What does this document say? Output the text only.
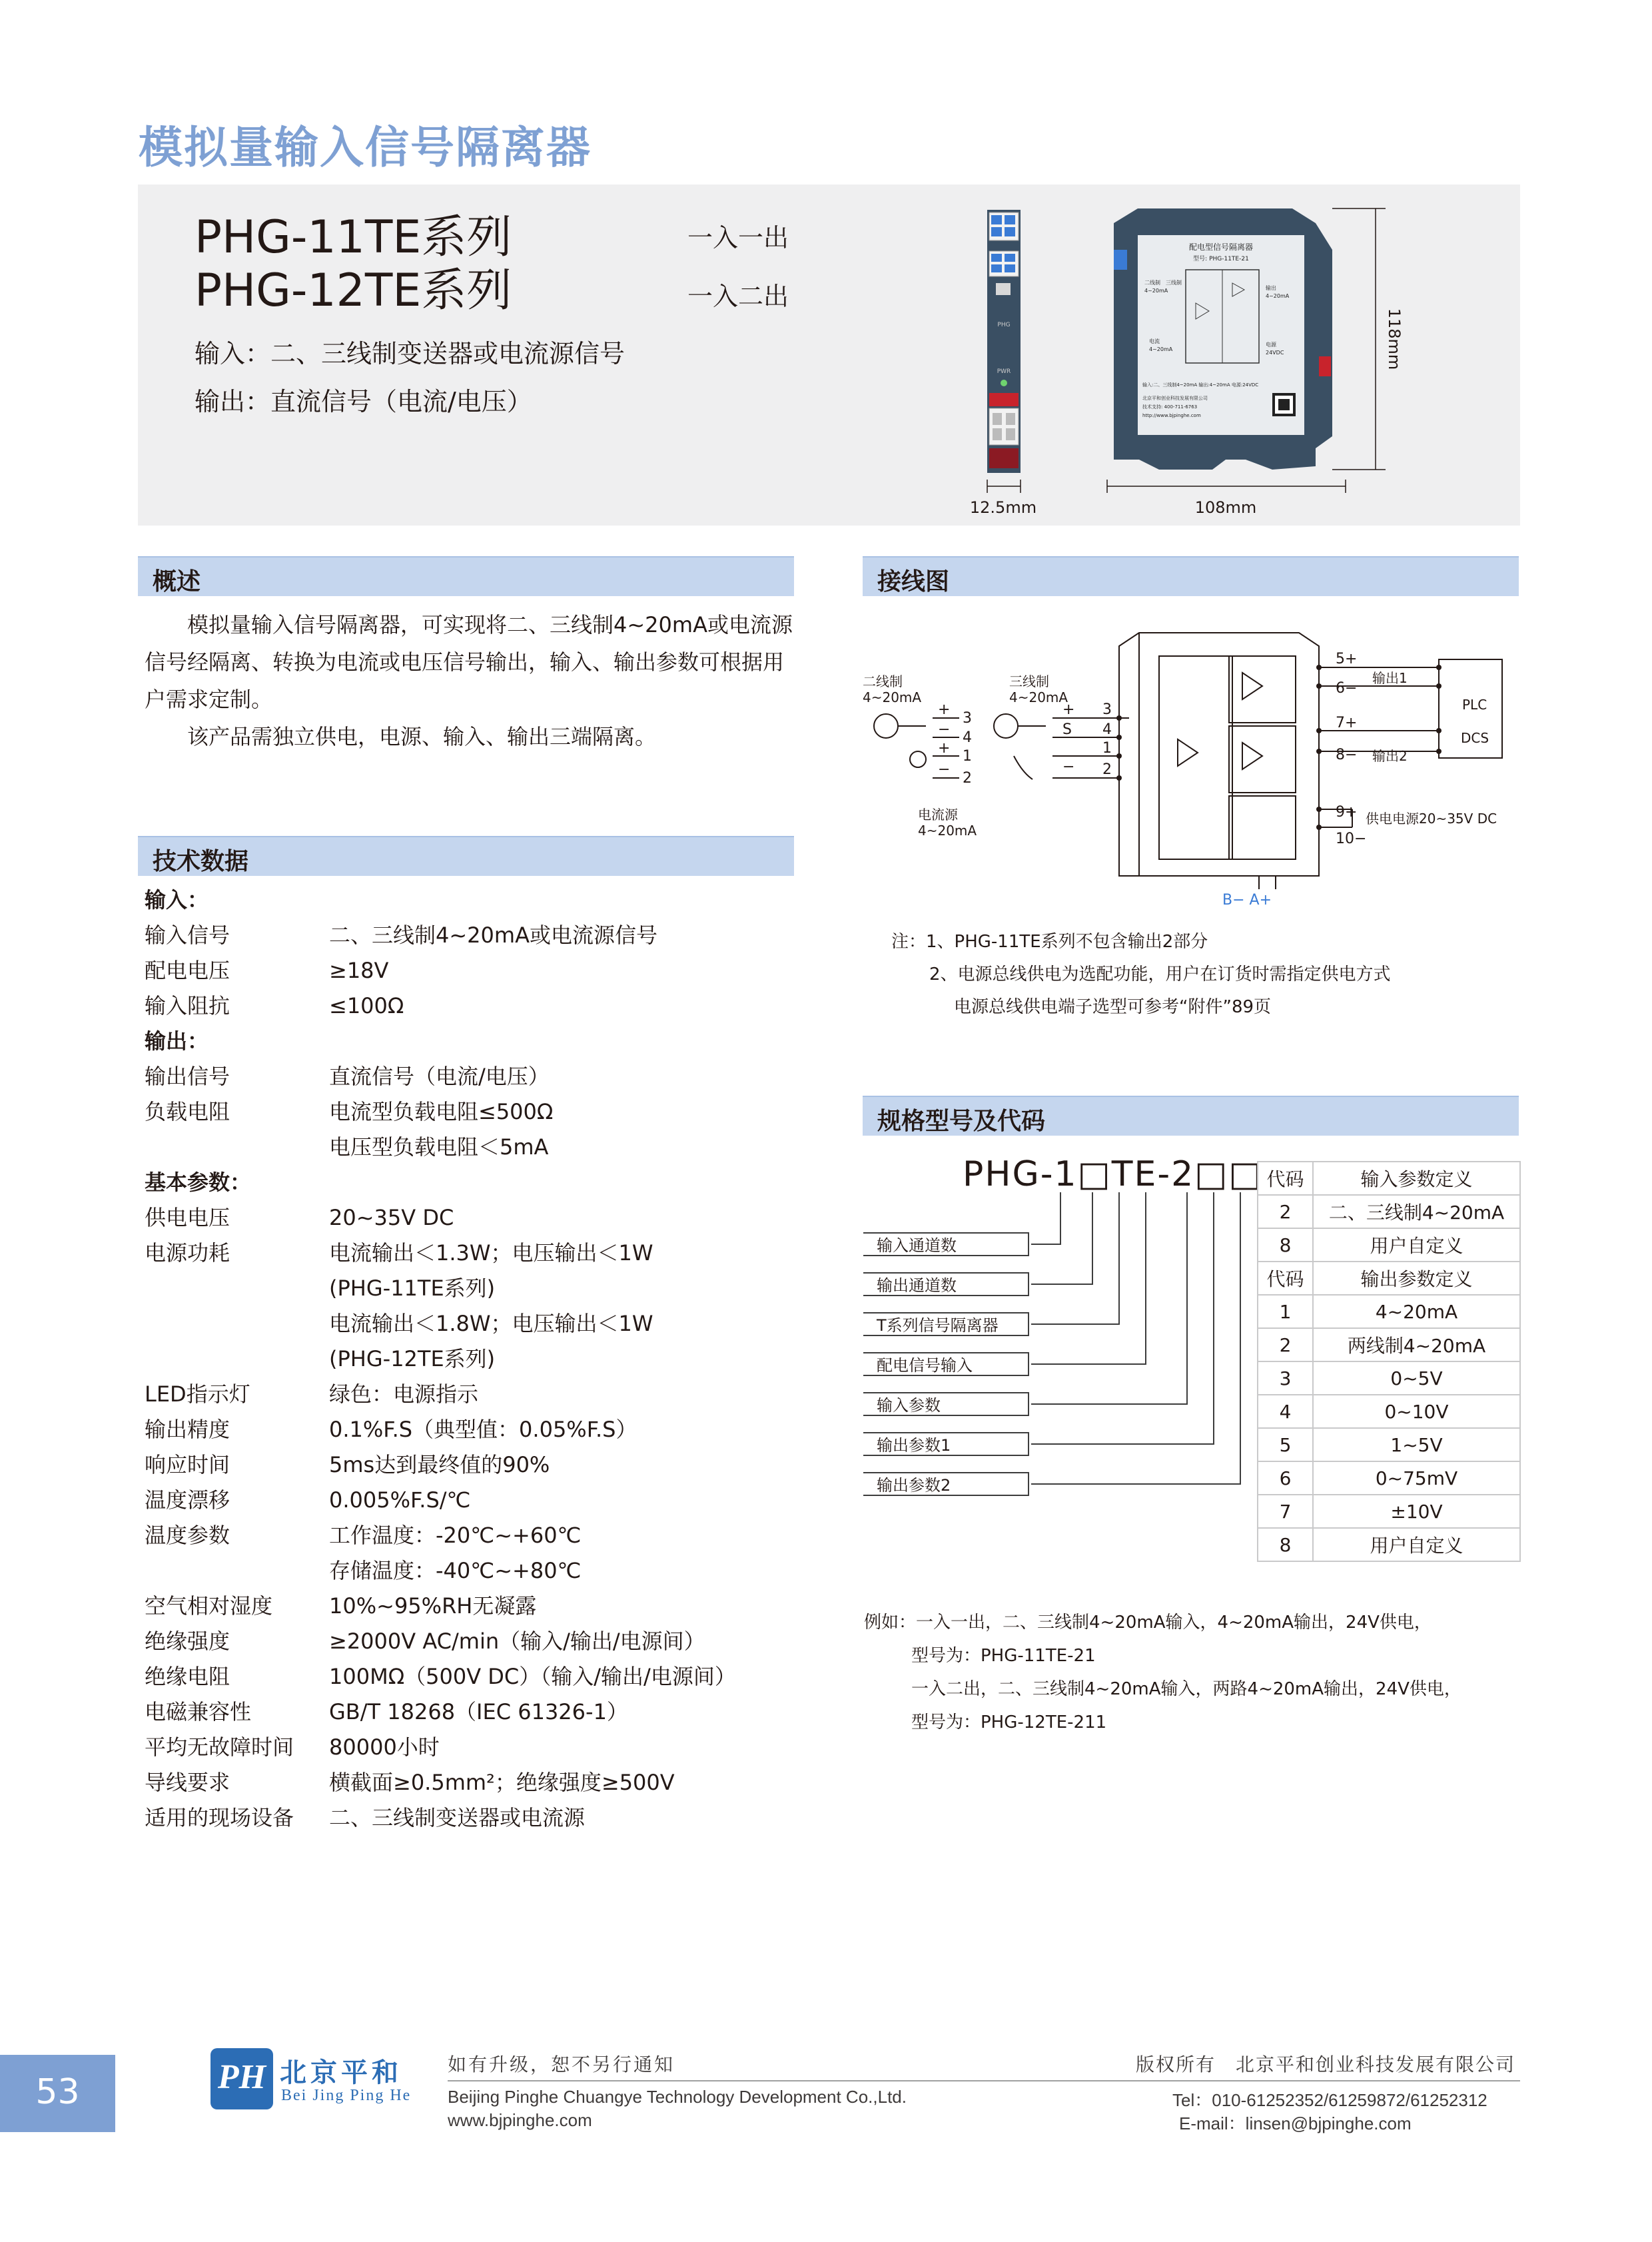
模拟量输入信号隔离器
PHG-11TE系列	一入一出
PHG-12TE系列	一入二出
输入：二、三线制变送器或电流源信号
输出：直流信号（电流/电压）
PHG
PWR
配电型信号隔离器
型号: PHG-11TE-21
二线制 三线制
4~20mA	输出
4~20mA
电流
4~20mA
电源
24VDC
输入:二、三线制4~20mA 输出:4~20mA 电源:24VDC
北京平和创业科技发展有限公司
技术支持: 400-711-6763
http://www.bjpinghe.com
12.5mm	108mm
118mm
概述
模拟量输入信号隔离器，可实现将二、三线制4~20mA或电流源
信号经隔离、转换为电流或电压信号输出，输入、输出参数可根据用
户需求定制。
该产品需独立供电，电源、输入、输出三端隔离。
技术数据
输入：
输入信号	二、三线制4~20mA或电流源信号
配电电压	≥18V
输入阻抗	≤100Ω
输出：
输出信号	直流信号（电流/电压）
负载电阻	电流型负载电阻≤500Ω
电压型负载电阻＜5mA
基本参数：
供电电压	20~35V DC
电源功耗	电流输出＜1.3W；电压输出＜1W
(PHG-11TE系列)
电流输出＜1.8W；电压输出＜1W
(PHG-12TE系列)
LED指示灯	绿色：电源指示
输出精度	0.1%F.S（典型值：0.05%F.S）
响应时间	5ms达到最终值的90%
温度漂移	0.005%F.S/℃
温度参数	工作温度：-20℃~+60℃
存储温度：-40℃~+80℃
空气相对湿度	10%~95%RH无凝露
绝缘强度	≥2000V AC/min（输入/输出/电源间）
绝缘电阻	100MΩ（500V DC）（输入/输出/电源间）
电磁兼容性	GB/T 18268（IEC 61326-1）
平均无故障时间 80000小时
导线要求	横截面≥0.5mm²；绝缘强度≥500V
适用的现场设备 二、三线制变送器或电流源
接线图
二线制
4~20mA
三线制
4~20mA
电流源
4~20mA
输出1
输出2
PLC
DCS
供电电源20~35V DC
B− A+
5+
6−
7+
8−
9+
10−
3
4
1
2
3
4
1
2
S
+
−
+
−
+
−
注：1、PHG-11TE系列不包含输出2部分
2、电源总线供电为选配功能，用户在订货时需指定供电方式
电源总线供电端子选型可参考“附件”89页
规格型号及代码
PHG-1□TE-2□□
输入通道数
输出通道数
T系列信号隔离器
配电信号输入
输入参数
输出参数1
输出参数2
代码	输入参数定义
2	二、三线制4~20mA
8	用户自定义
代码	输出参数定义
1	4~20mA
2	两线制4~20mA
3	0~5V
4	0~10V
5	1~5V
6	0~75mV
7	±10V
8	用户自定义
例如：一入一出，二、三线制4~20mA输入，4~20mA输出，24V供电，
型号为：PHG-11TE-21
一入二出，二、三线制4~20mA输入，两路4~20mA输出，24V供电，
型号为：PHG-12TE-211
53	PH 北京平和
Bei Jing Ping He
如有升级，恕不另行通知
Beijing Pinghe Chuangye Technology Development Co.,Ltd.
www.bjpinghe.com
版权所有　北京平和创业科技发展有限公司
Tel：010-61252352/61259872/61252312
E-mail：linsen@bjpinghe.com
